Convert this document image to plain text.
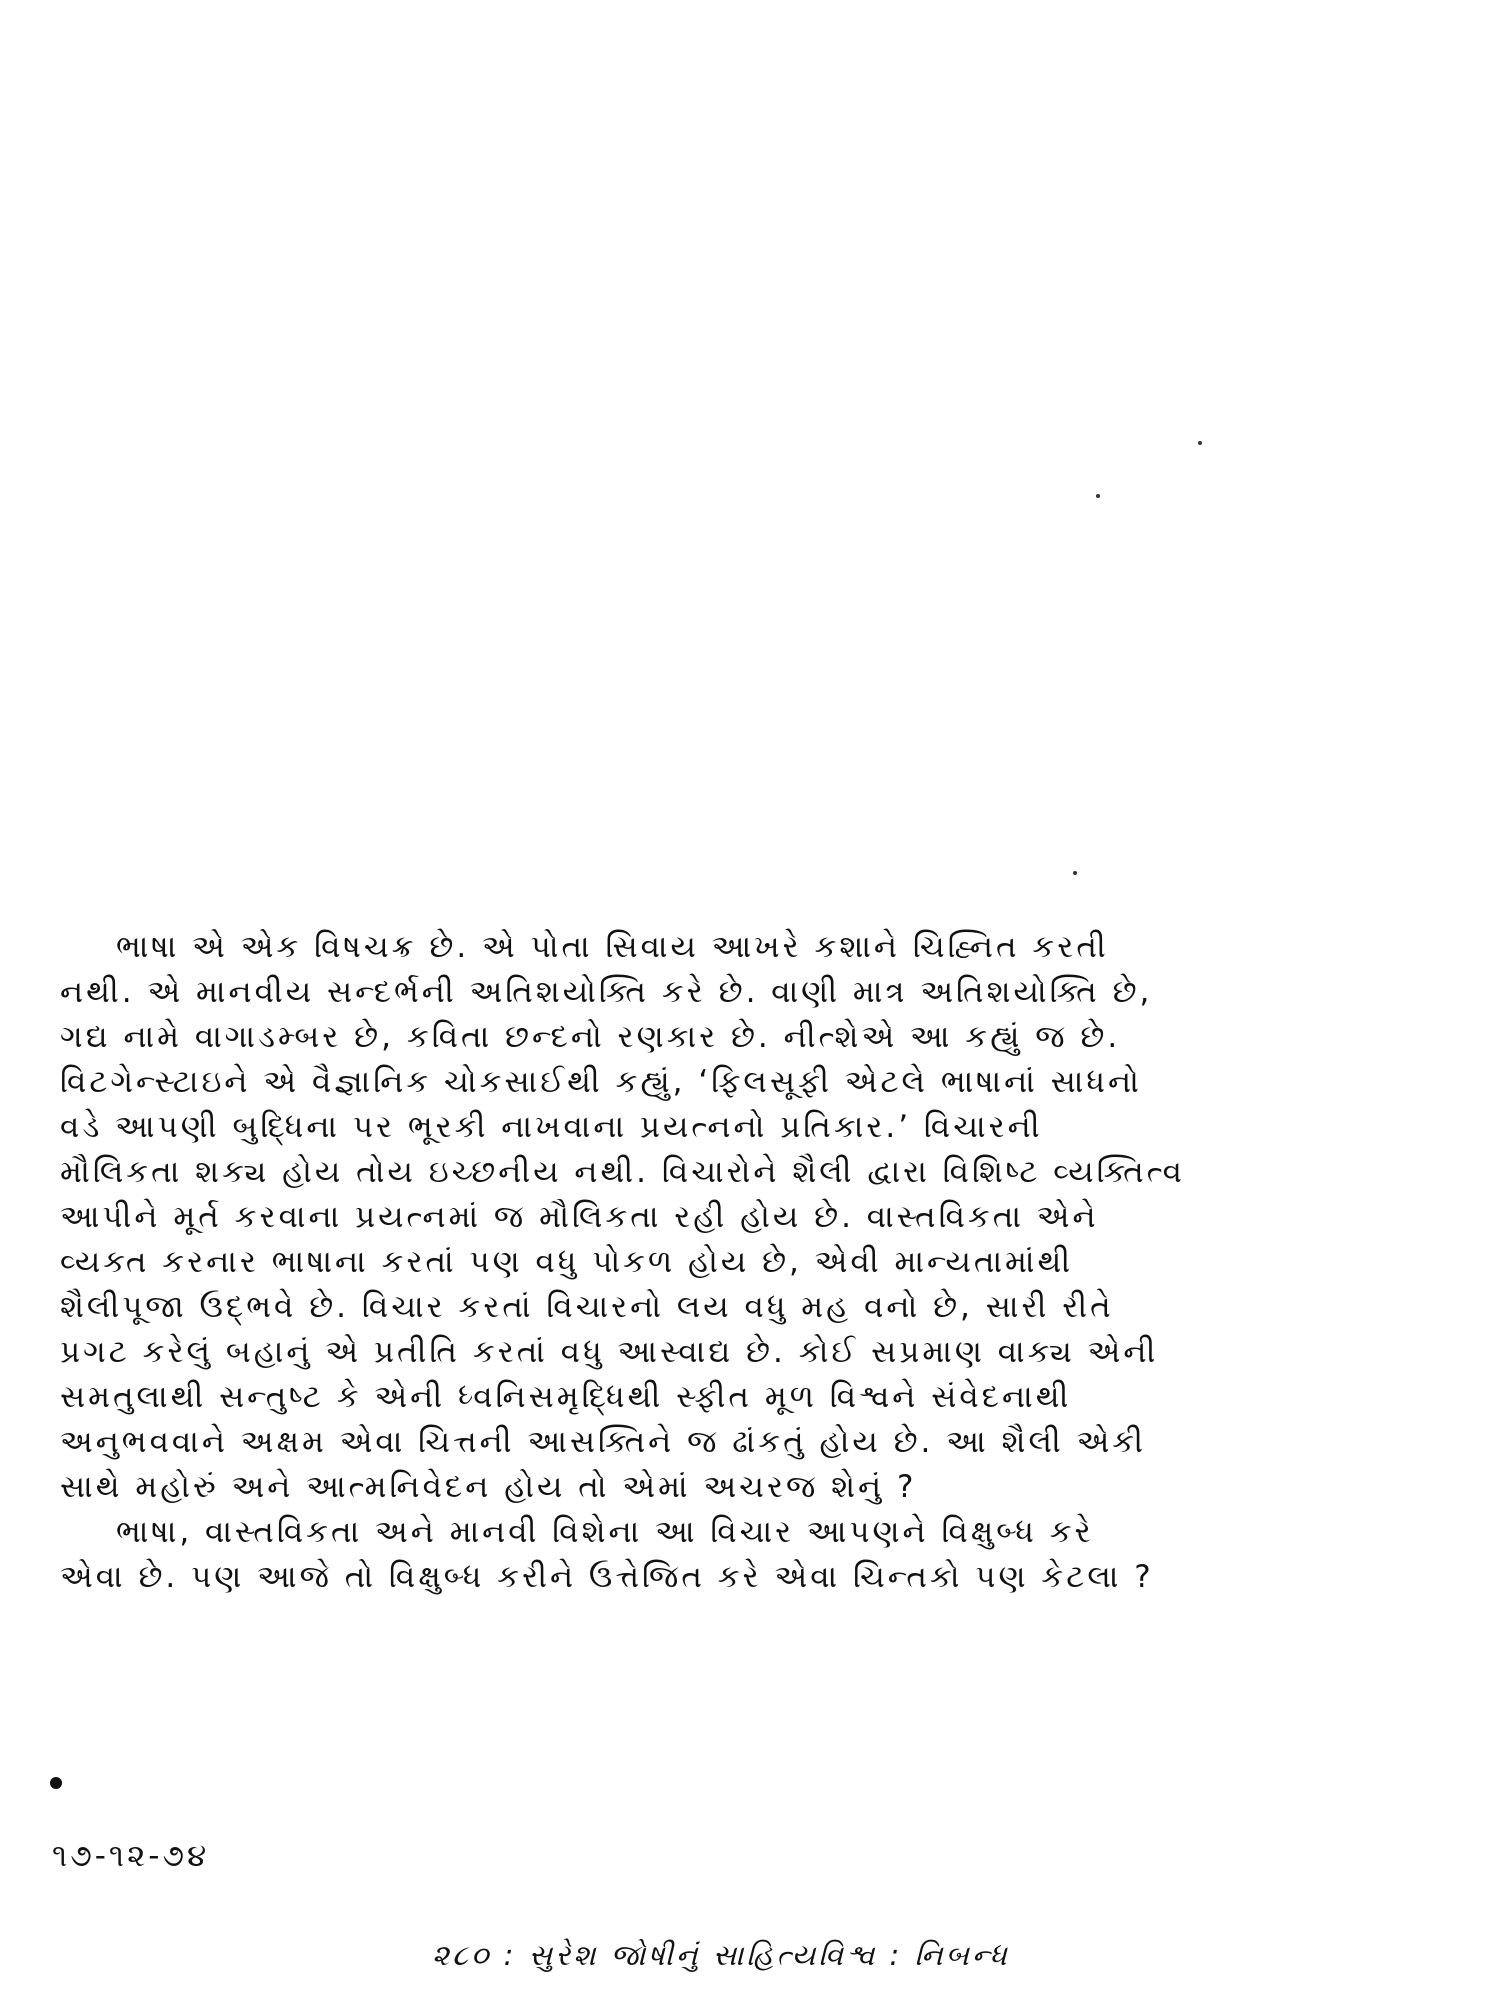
ભાષા એ એક વિષચક્ર છે. એ પોતા સિવાય આખરે કશાને ચિહ્નિત કરતી
નથી. એ માનવીય સન્દર્ભની અતિશયોક્તિ કરે છે. વાણી માત્ર અતિશયોક્તિ છે,
ગદ્ય નામે વાગાડમ્બર છે, કવિતા છન્દનો રણકાર છે. નીત્શેએ આ કહ્યું જ છે.
વિટગેન્સ્ટાઇને એ વૈજ્ઞાનિક ચોકસાઈથી કહ્યું, ‘ફિલસૂફી એટલે ભાષાનાં સાધનો
વડે આપણી બુદ્ધિના પર ભૂરકી નાખવાના પ્રયત્નનો પ્રતિકાર.’ વિચારની
મૌલિકતા શક્ય હોય તોય ઇચ્છનીય નથી. વિચારોને શૈલી દ્વારા વિશિષ્ટ વ્યક્તિત્વ
આપીને મૂર્ત કરવાના પ્રયત્નમાં જ મૌલિકતા રહી હોય છે. વાસ્તવિકતા એને
વ્યક્ત કરનાર ભાષાના કરતાં પણ વધુ પોકળ હોય છે, એવી માન્યતામાંથી
શૈલીપૂજા ઉદ્ભવે છે. વિચાર કરતાં વિચારનો લય વધુ મહ વનો છે, સારી રીતે
પ્રગટ કરેલું બહાનું એ પ્રતીતિ કરતાં વધુ આસ્વાદ્ય છે. કોઈ સપ્રમાણ વાક્ય એની
સમતુલાથી સન્તુષ્ટ કે એની ધ્વનિસમૃદ્ધિથી સ્ફીત મૂળ વિશ્વને સંવેદનાથી
અનુભવવાને અક્ષમ એવા ચિત્તની આસક્તિને જ ઢાંકતું હોય છે. આ શૈલી એકી
સાથે મહોરું અને આત્મનિવેદન હોય તો એમાં અચરજ શેનું ?
ભાષા, વાસ્તવિકતા અને માનવી વિશેના આ વિચાર આપણને વિક્ષુબ્ધ કરે
એવા છે. પણ આજે તો વિક્ષુબ્ધ કરીને ઉત્તેજિત કરે એવા ચિન્તકો પણ કેટલા ?
૧૭-૧૨-૭૪
૨૮૦ : સુરેશ જોષીનું સાહિત્યવિશ્વ : નિબન્ધ
